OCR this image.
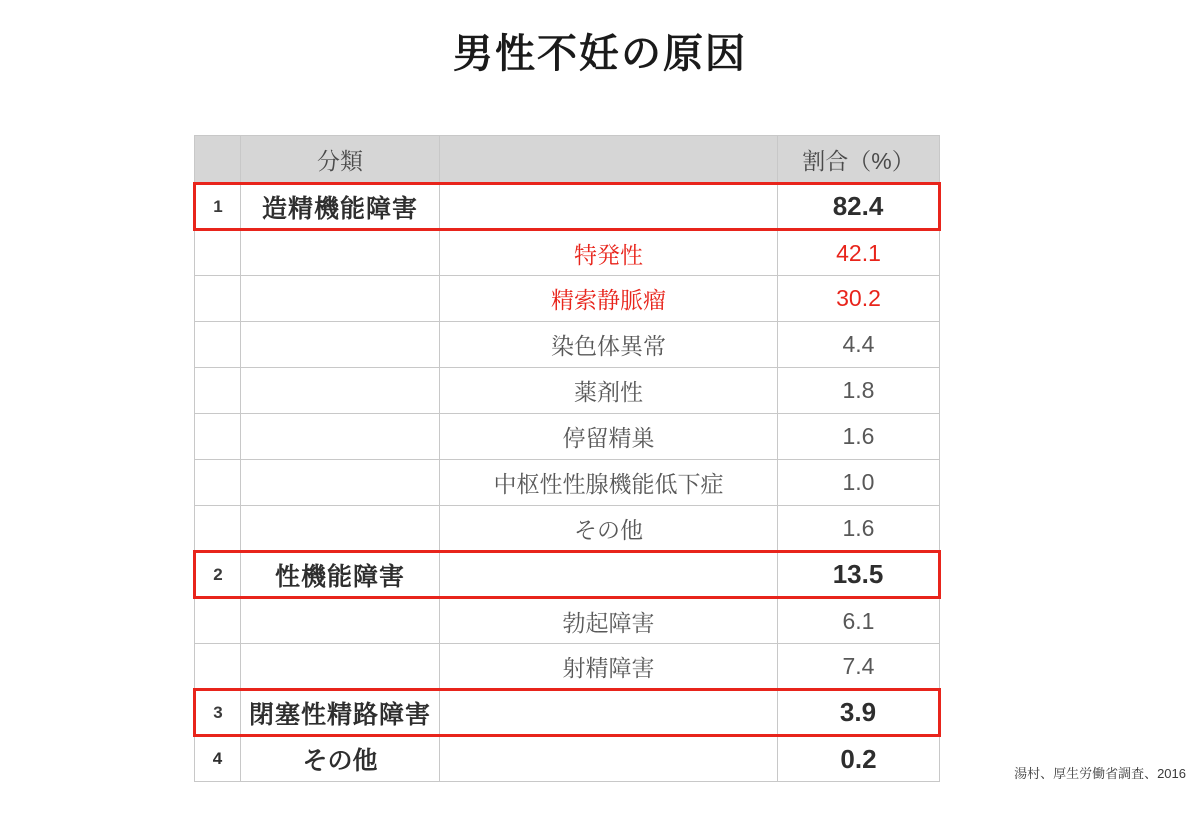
男性不妊の原因
	分類		割合（%）
1	造精機能障害		82.4
		特発性	42.1
		精索静脈瘤	30.2
		染色体異常	4.4
		薬剤性	1.8
		停留精巣	1.6
		中枢性性腺機能低下症	1.0
		その他	1.6
2	性機能障害		13.5
		勃起障害	6.1
		射精障害	7.4
3	閉塞性精路障害		3.9
4	その他		0.2	湯村、厚生労働省調査、2016
